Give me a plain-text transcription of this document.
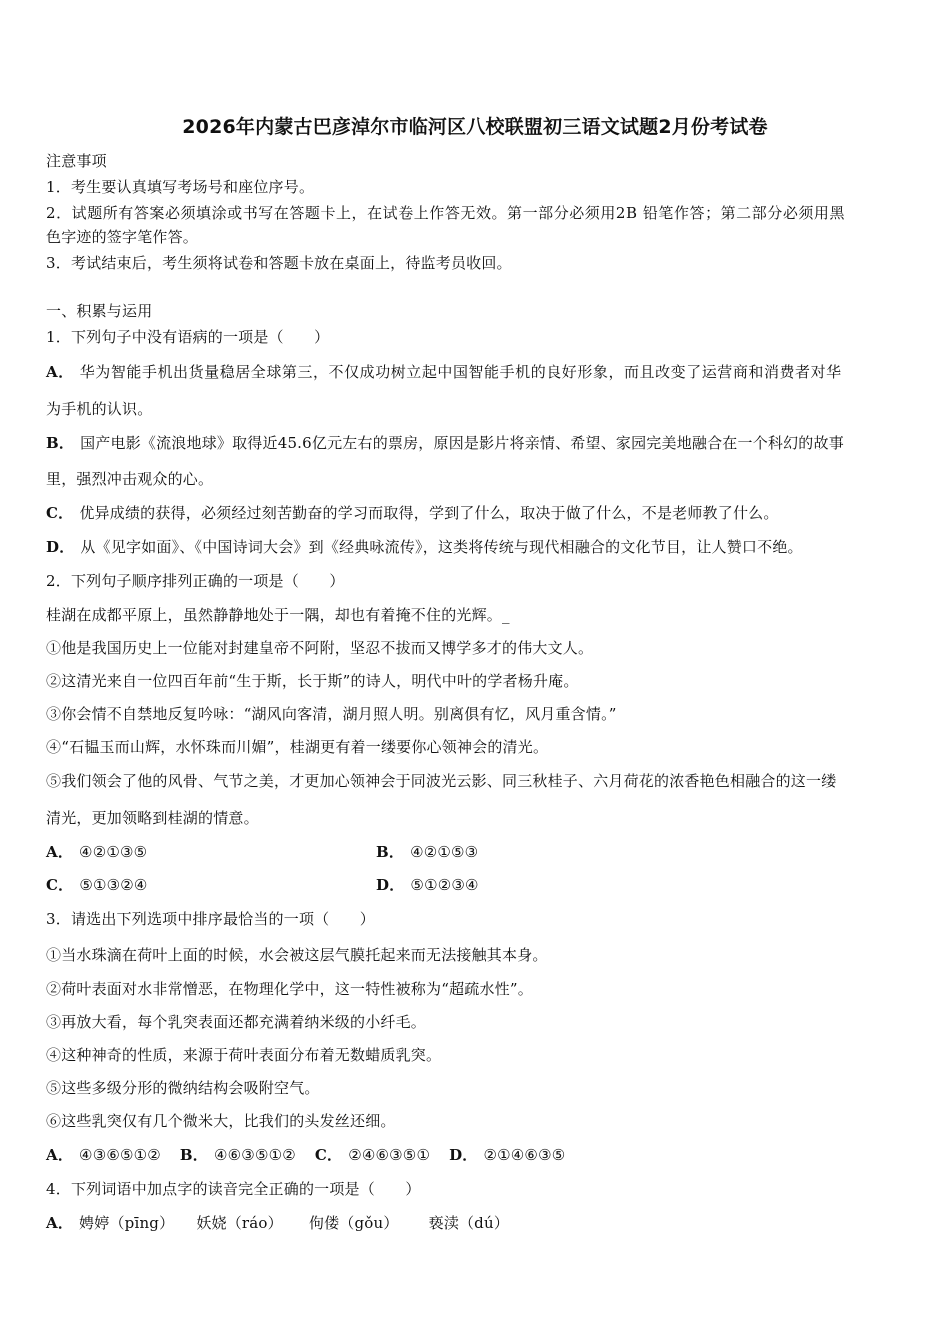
2026年内蒙古巴彦淖尔市临河区八校联盟初三语文试题2月份考试卷
注意事项
1．考生要认真填写考场号和座位序号。
2．试题所有答案必须填涂或书写在答题卡上，在试卷上作答无效。第一部分必须用2B 铅笔作答；第二部分必须用黑
色字迹的签字笔作答。
3．考试结束后，考生须将试卷和答题卡放在桌面上，待监考员收回。
一、积累与运用
1．下列句子中没有语病的一项是（　　）
A． 华为智能手机出货量稳居全球第三，不仅成功树立起中国智能手机的良好形象，而且改变了运营商和消费者对华
为手机的认识。
B． 国产电影《流浪地球》取得近45.6亿元左右的票房，原因是影片将亲情、希望、家园完美地融合在一个科幻的故事
里，强烈冲击观众的心。
C． 优异成绩的获得，必须经过刻苦勤奋的学习而取得，学到了什么，取决于做了什么，不是老师教了什么。
D． 从《见字如面》、《中国诗词大会》到《经典咏流传》，这类将传统与现代相融合的文化节目，让人赞口不绝。
2．下列句子顺序排列正确的一项是（　　）
桂湖在成都平原上，虽然静静地处于一隅，却也有着掩不住的光辉。_
①他是我国历史上一位能对封建皇帝不阿附，坚忍不拔而又博学多才的伟大文人。
②这清光来自一位四百年前“生于斯，长于斯”的诗人，明代中叶的学者杨升庵。
③你会情不自禁地反复吟咏：“湖风向客清，湖月照人明。别离俱有忆，风月重含情。”
④“石韫玉而山辉，水怀珠而川媚”，桂湖更有着一缕要你心领神会的清光。
⑤我们领会了他的风骨、气节之美，才更加心领神会于同波光云影、同三秋桂子、六月荷花的浓香艳色相融合的这一缕
清光，更加领略到桂湖的情意。
A． ④②①③⑤	B． ④②①⑤③
C． ⑤①③②④	D． ⑤①②③④
3．请选出下列选项中排序最恰当的一项（　　）
①当水珠滴在荷叶上面的时候，水会被这层气膜托起来而无法接触其本身。
②荷叶表面对水非常憎恶，在物理化学中，这一特性被称为“超疏水性”。
③再放大看，每个乳突表面还都充满着纳米级的小纤毛。
④这种神奇的性质，来源于荷叶表面分布着无数蜡质乳突。
⑤这些多级分形的微纳结构会吸附空气。
⑥这些乳突仅有几个微米大，比我们的头发丝还细。
A． ④③⑥⑤①② B． ④⑥③⑤①② C． ②④⑥③⑤① D． ②①④⑥③⑤
4．下列词语中加点字的读音完全正确的一项是（　　）
A． 娉婷（pīng） 妖娆（ráo） 佝偻（gǒu） 亵渎（dú）
